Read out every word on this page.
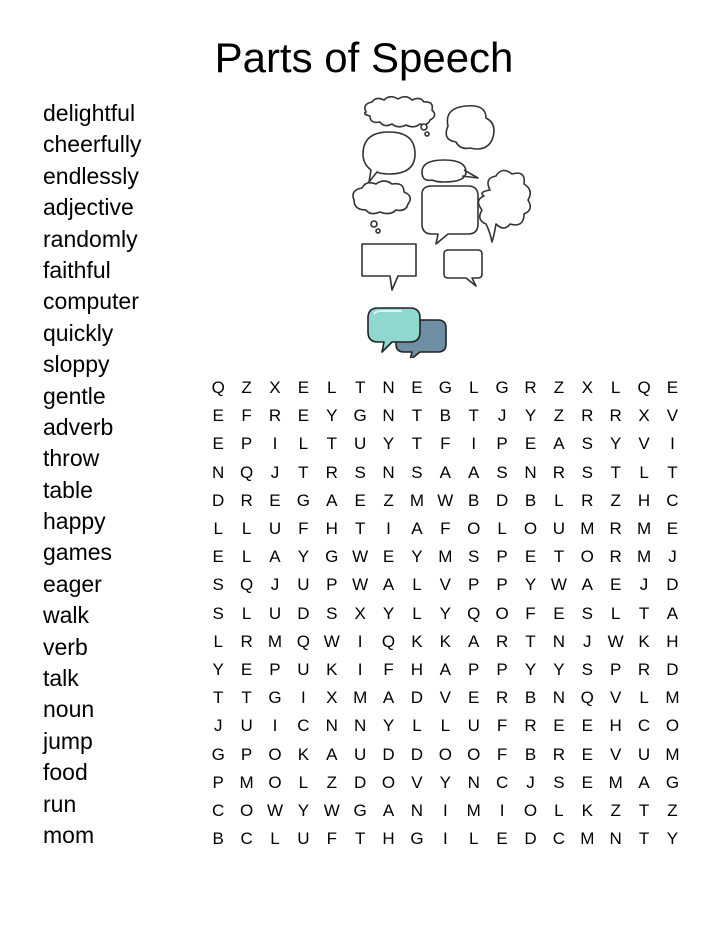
Parts of Speech
delightful
cheerfully
endlessly
adjective
randomly
faithful
computer
quickly
sloppy
gentle
adverb
throw
table
happy
games
eager
walk
verb
talk
noun
jump
food
run
mom
Q	Z	X	E	L	T	N	E	G	L	G	R	Z	X	L	Q	E
E	F	R	E	Y	G	N	T	B	T	J	Y	Z	R	R	X	V
E	P	I	L	T	U	Y	T	F	I	P	E	A	S	Y	V	I
N	Q	J	T	R	S	N	S	A	A	S	N	R	S	T	L	T
D	R	E	G	A	E	Z	M	W	B	D	B	L	R	Z	H	C
L	L	U	F	H	T	I	A	F	O	L	O	U	M	R	M	E
E	L	A	Y	G	W	E	Y	M	S	P	E	T	O	R	M	J
S	Q	J	U	P	W	A	L	V	P	P	Y	W	A	E	J	D
S	L	U	D	S	X	Y	L	Y	Q	O	F	E	S	L	T	A
L	R	M	Q	W	I	Q	K	K	A	R	T	N	J	W	K	H
Y	E	P	U	K	I	F	H	A	P	P	Y	Y	S	P	R	D
T	T	G	I	X	M	A	D	V	E	R	B	N	Q	V	L	M
J	U	I	C	N	N	Y	L	L	U	F	R	E	E	H	C	O
G	P	O	K	A	U	D	D	O	O	F	B	R	E	V	U	M
P	M	O	L	Z	D	O	V	Y	N	C	J	S	E	M	A	G
C	O	W	Y	W	G	A	N	I	M	I	O	L	K	Z	T	Z
B	C	L	U	F	T	H	G	I	L	E	D	C	M	N	T	Y
